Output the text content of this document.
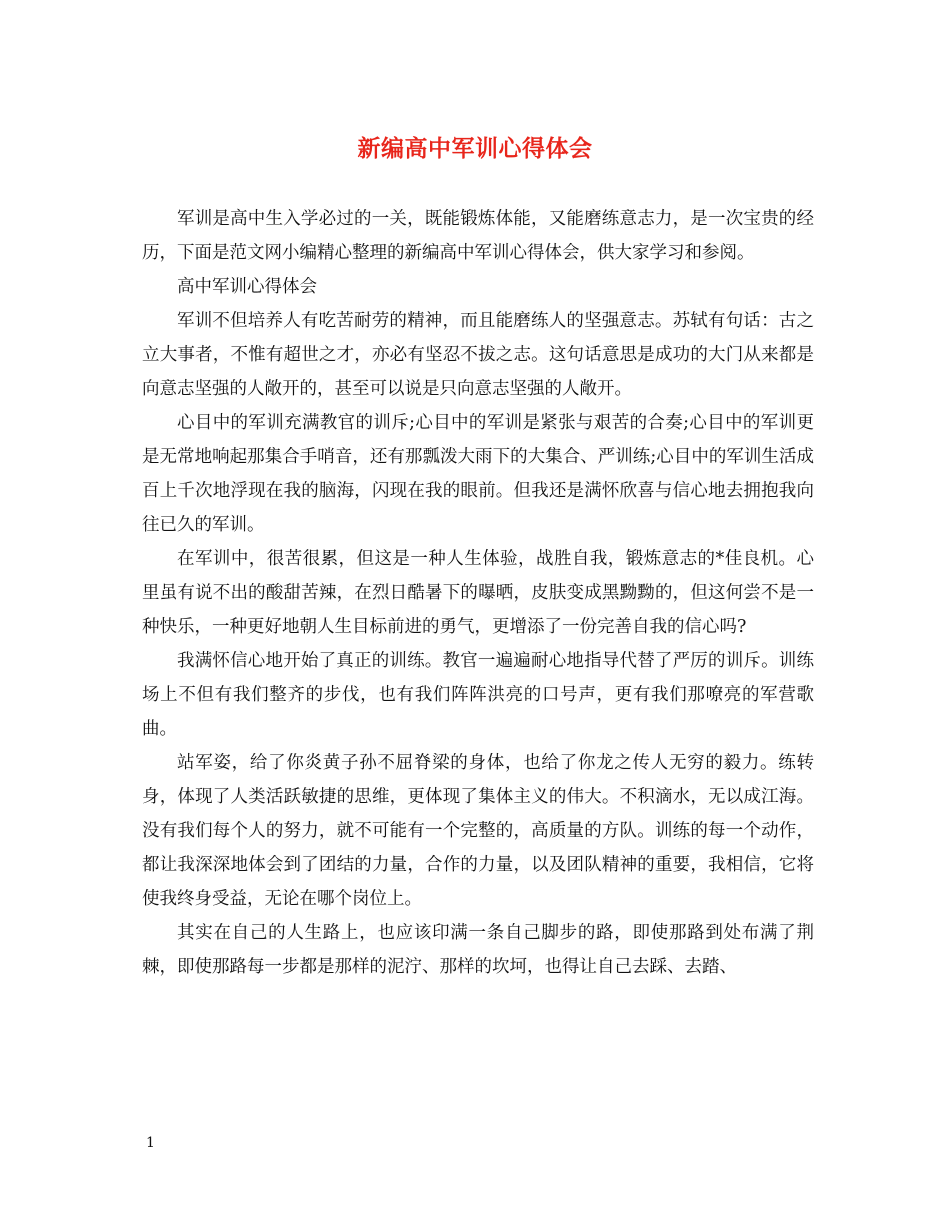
新编高中军训心得体会

军训是高中生入学必过的一关，既能锻炼体能，又能磨练意志力，是一次宝贵的经历，下面是范文网小编精心整理的新编高中军训心得体会，供大家学习和参阅。

高中军训心得体会

军训不但培养人有吃苦耐劳的精神，而且能磨练人的坚强意志。苏轼有句话：古之立大事者，不惟有超世之才，亦必有坚忍不拔之志。这句话意思是成功的大门从来都是向意志坚强的人敞开的，甚至可以说是只向意志坚强的人敞开。

心目中的军训充满教官的训斥;心目中的军训是紧张与艰苦的合奏;心目中的军训更是无常地响起那集合手哨音，还有那瓢泼大雨下的大集合、严训练;心目中的军训生活成百上千次地浮现在我的脑海，闪现在我的眼前。但我还是满怀欣喜与信心地去拥抱我向往已久的军训。

在军训中，很苦很累，但这是一种人生体验，战胜自我，锻炼意志的*佳良机。心里虽有说不出的酸甜苦辣，在烈日酷暑下的曝晒，皮肤变成黑黝黝的，但这何尝不是一种快乐，一种更好地朝人生目标前进的勇气，更增添了一份完善自我的信心吗?

我满怀信心地开始了真正的训练。教官一遍遍耐心地指导代替了严厉的训斥。训练场上不但有我们整齐的步伐，也有我们阵阵洪亮的口号声，更有我们那嘹亮的军营歌曲。

站军姿，给了你炎黄子孙不屈脊梁的身体，也给了你龙之传人无穷的毅力。练转身，体现了人类活跃敏捷的思维，更体现了集体主义的伟大。不积滴水，无以成江海。没有我们每个人的努力，就不可能有一个完整的，高质量的方队。训练的每一个动作，都让我深深地体会到了团结的力量，合作的力量，以及团队精神的重要，我相信，它将使我终身受益，无论在哪个岗位上。

其实在自己的人生路上，也应该印满一条自己脚步的路，即使那路到处布满了荆棘，即使那路每一步都是那样的泥泞、那样的坎坷，也得让自己去踩、去踏、

1
